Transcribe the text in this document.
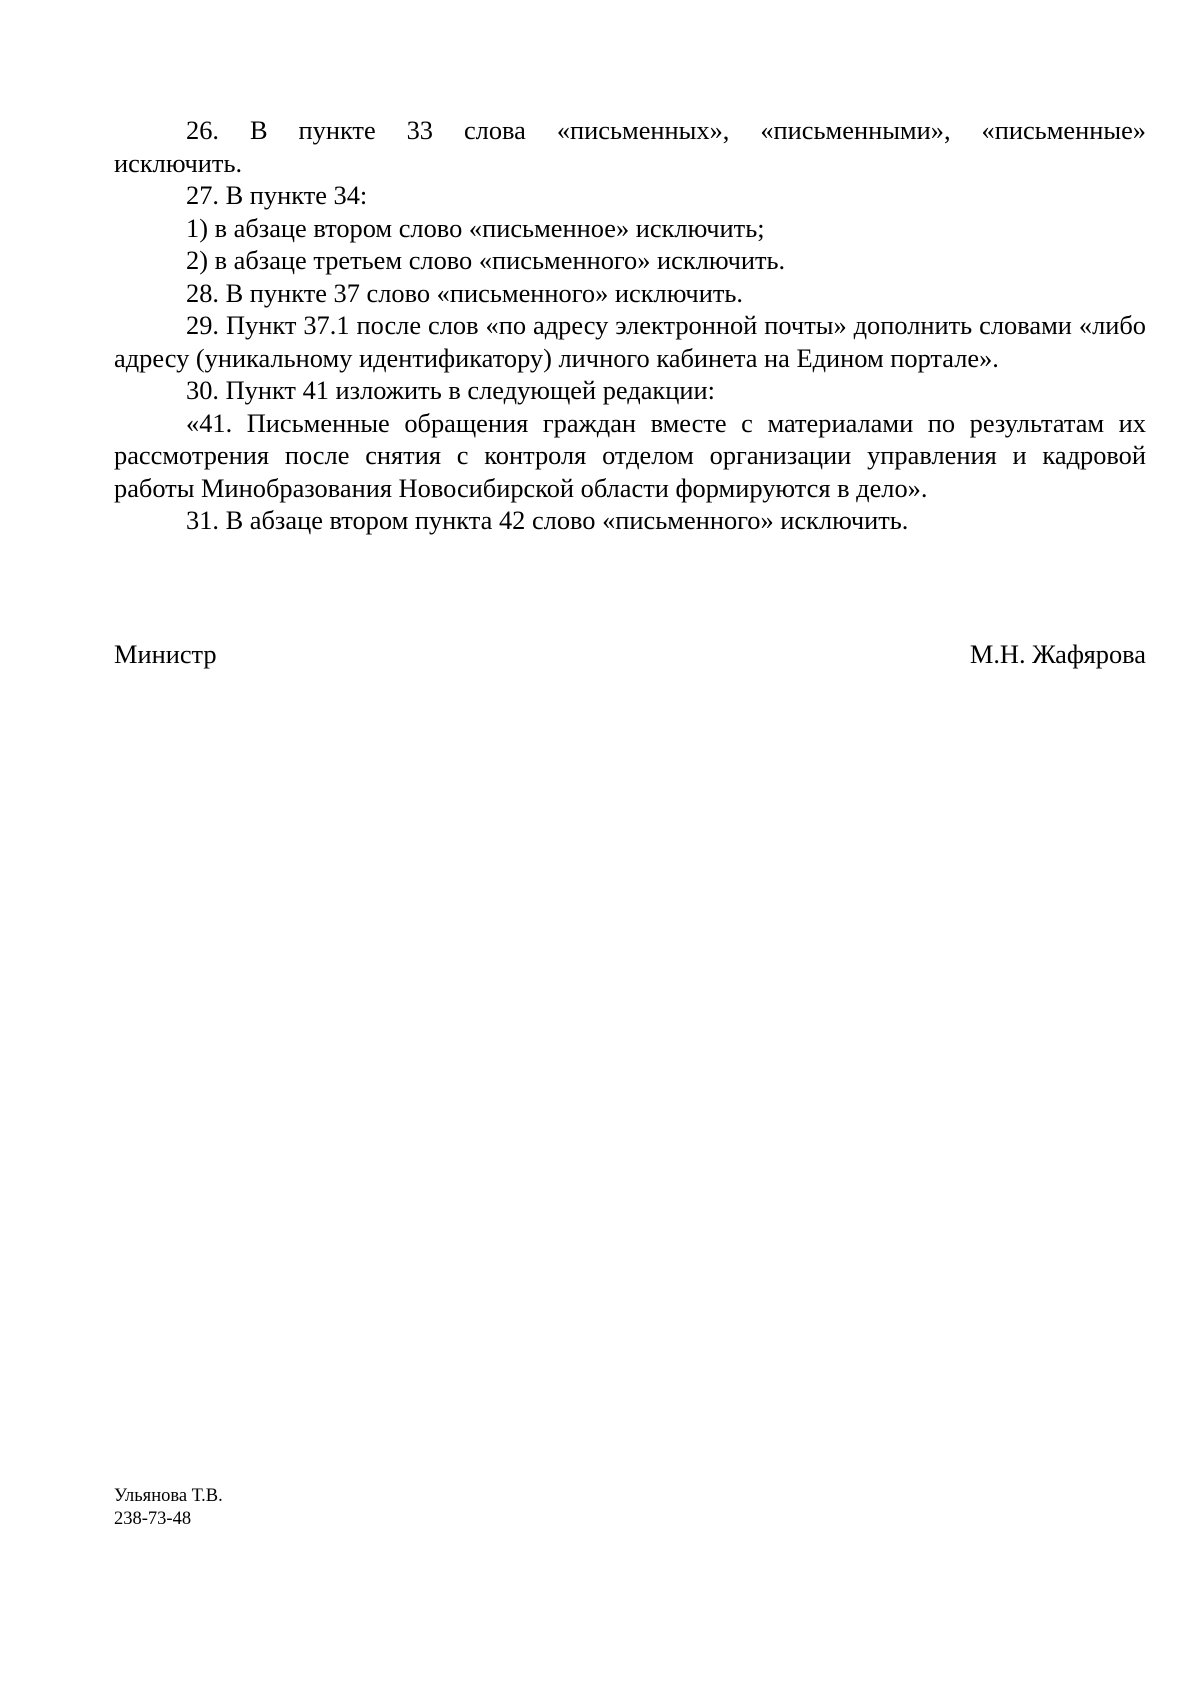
26. В пункте 33 слова «письменных», «письменными», «письменные»

исключить.

27. В пункте 34:

1) в абзаце втором слово «письменное» исключить;

2) в абзаце третьем слово «письменного» исключить.

28. В пункте 37 слово «письменного» исключить.

29. Пункт 37.1 после слов «по адресу электронной почты» дополнить словами «либо адресу (уникальному идентификатору) личного кабинета на Едином портале».

30. Пункт 41 изложить в следующей редакции:

«41. Письменные обращения граждан вместе с материалами по результатам их рассмотрения после снятия с контроля отделом организации управления и кадровой работы Минобразования Новосибирской области формируются в дело».

31. В абзаце втором пункта 42 слово «письменного» исключить.

Министр	М.Н. Жафярова
Ульянова Т.В.
238-73-48
